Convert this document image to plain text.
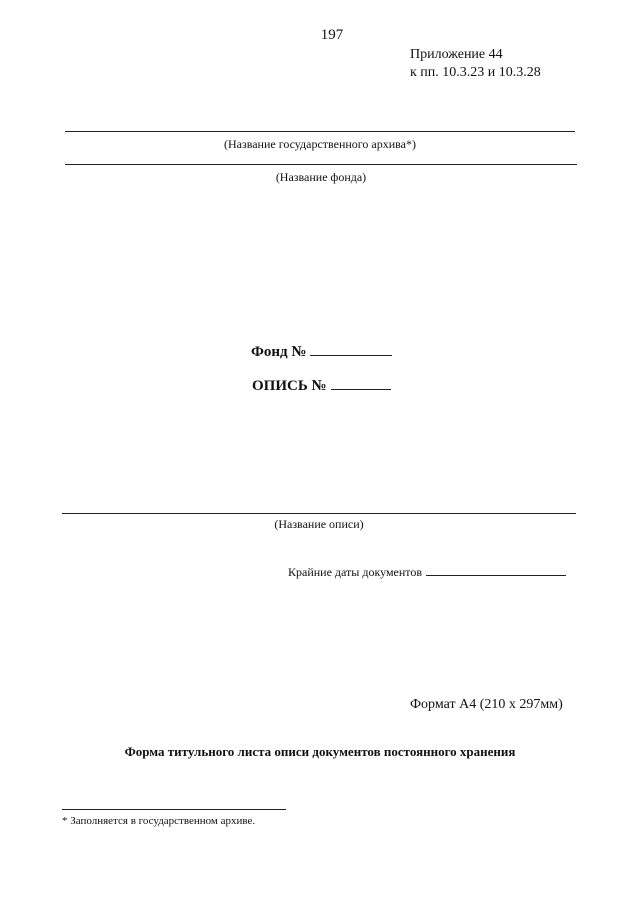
197
Приложение 44
к пп. 10.3.23 и 10.3.28
(Название государственного архива*)
(Название фонда)
Фонд №
ОПИСЬ №
(Название описи)
Крайние даты документов
Формат А4 (210 х 297мм)
Форма титульного листа описи документов постоянного хранения
* Заполняется в государственном архиве.
